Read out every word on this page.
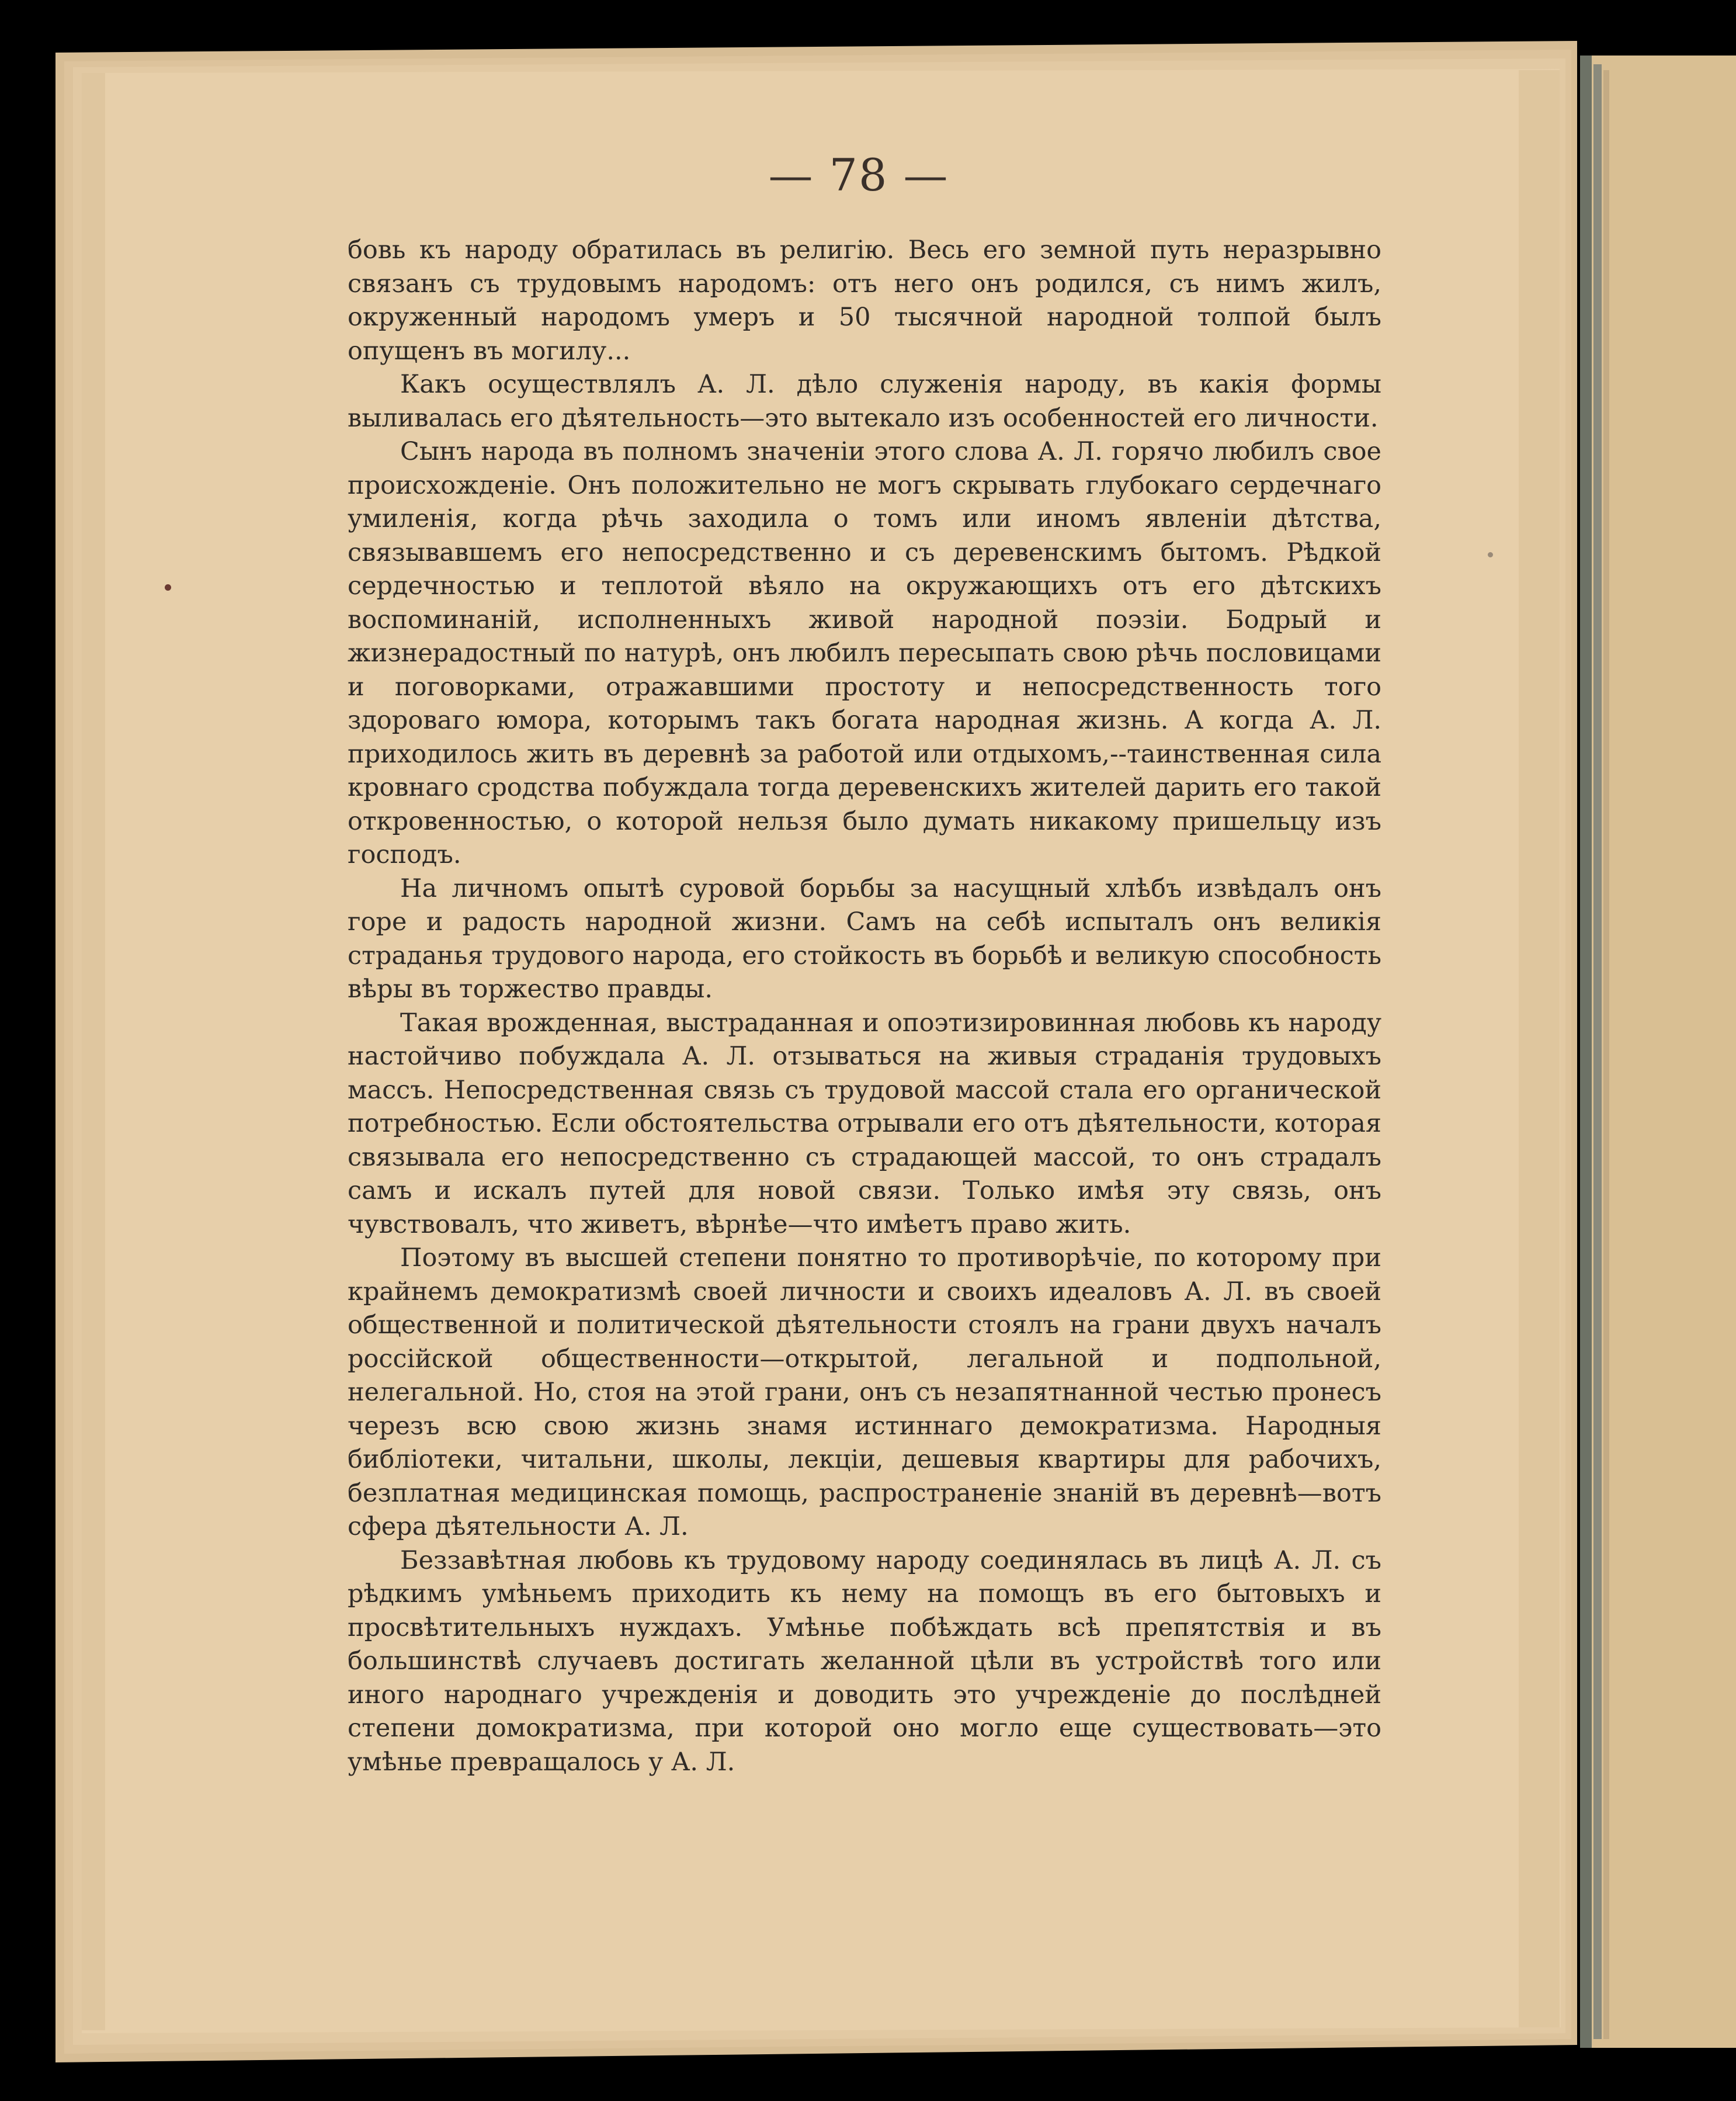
— 78 —

бовь къ народу обратилась въ религію. Весь его земной путь неразрывно связанъ съ трудовымъ народомъ: отъ него онъ родился, съ нимъ жилъ, окруженный народомъ умеръ и 50 тысячной народной толпой былъ опущенъ въ могилу...

Какъ осуществлялъ А. Л. дѣло служенія народу, въ какія формы выливалась его дѣятельность—это вытекало изъ особенностей его личности.

Сынъ народа въ полномъ значеніи этого слова А. Л. горячо любилъ свое происхожденіе. Онъ положительно не могъ скрывать глубокаго сердечнаго умиленія, когда рѣчь заходила о томъ или иномъ явленіи дѣтства, связывавшемъ его непосредственно и съ деревенскимъ бытомъ. Рѣдкой сердечностью и теплотой вѣяло на окружающихъ отъ его дѣтскихъ воспоминаній, исполненныхъ живой народной поэзіи. Бодрый и жизнерадостный по натурѣ, онъ любилъ пересыпать свою рѣчь пословицами и поговорками, отражавшими простоту и непосредственность того здороваго юмора, которымъ такъ богата народная жизнь. А когда А. Л. приходилось жить въ деревнѣ за работой или отдыхомъ,--таинственная сила кровнаго сродства побуждала тогда деревенскихъ жителей дарить его такой откровенностью, о которой нельзя было думать никакому пришельцу изъ господъ.

На личномъ опытѣ суровой борьбы за насущный хлѣбъ извѣдалъ онъ горе и радость народной жизни. Самъ на себѣ испыталъ онъ великія страданья трудового народа, его стойкость въ борьбѣ и великую способность вѣры въ торжество правды.

Такая врожденная, выстраданная и опоэтизировинная любовь къ народу настойчиво побуждала А. Л. отзываться на живыя страданія трудовыхъ массъ. Непосредственная связь съ трудовой массой стала его органической потребностью. Если обстоятельства отрывали его отъ дѣятельности, которая связывала его непосредственно съ страдающей массой, то онъ страдалъ самъ и искалъ путей для новой связи. Только имѣя эту связь, онъ чувствовалъ, что живетъ, вѣрнѣе—что имѣетъ право жить.

Поэтому въ высшей степени понятно то противорѣчіе, по которому при крайнемъ демократизмѣ своей личности и своихъ идеаловъ А. Л. въ своей общественной и политической дѣятельности стоялъ на грани двухъ началъ россійской общественности—открытой, легальной и подпольной, нелегальной. Но, стоя на этой грани, онъ съ незапятнанной честью пронесъ черезъ всю свою жизнь знамя истиннаго демократизма. Народныя библіотеки, читальни, школы, лекціи, дешевыя квартиры для рабочихъ, безплатная медицинская помощь, распространеніе знаній въ деревнѣ—вотъ сфера дѣятельности А. Л.

Беззавѣтная любовь къ трудовому народу соединялась въ лицѣ А. Л. съ рѣдкимъ умѣньемъ приходить къ нему на помощъ въ его бытовыхъ и просвѣтительныхъ нуждахъ. Умѣнье побѣждать всѣ препятствія и въ большинствѣ случаевъ достигать желанной цѣли въ устройствѣ того или иного народнаго учрежденія и доводить это учрежденіе до послѣдней степени домократизма, при которой оно могло еще существовать—это умѣнье превращалось у А. Л.
